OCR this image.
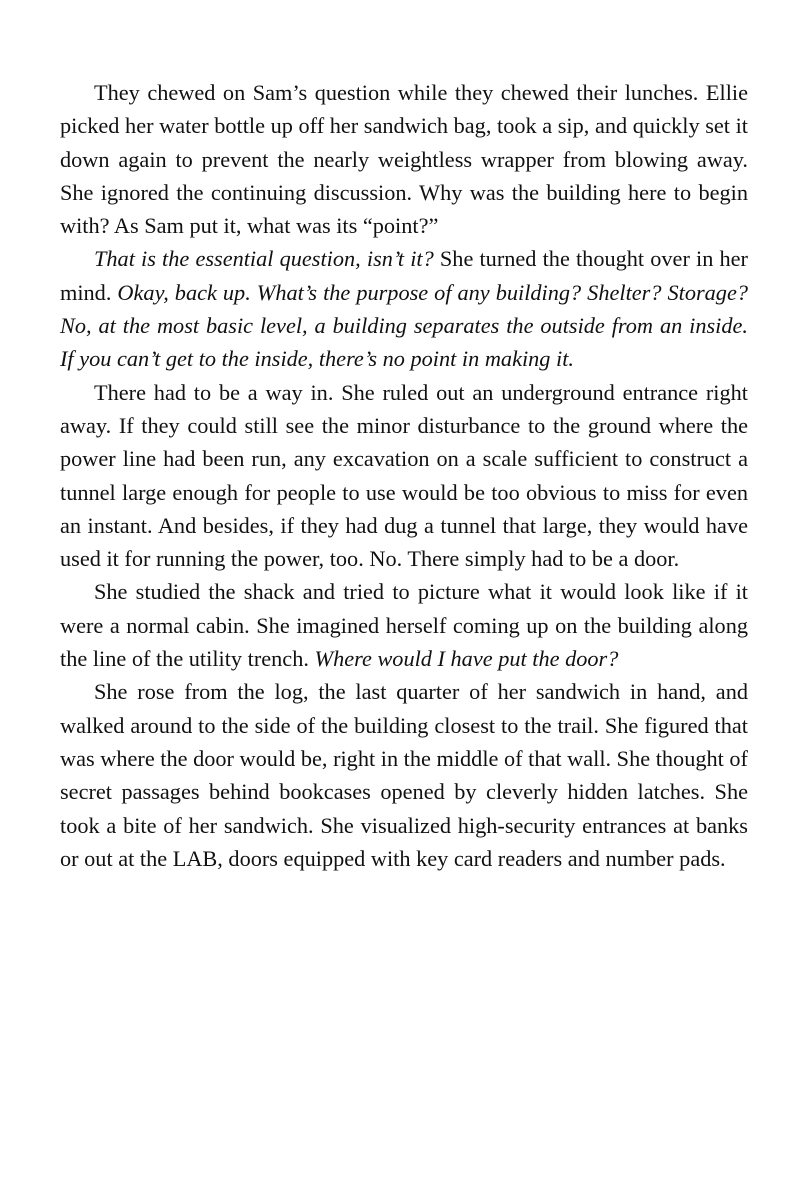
They chewed on Sam’s question while they chewed their lunches. Ellie picked her water bottle up off her sandwich bag, took a sip, and quickly set it down again to prevent the nearly weightless wrapper from blowing away. She ignored the continuing discussion. Why was the building here to begin with? As Sam put it, what was its “point?”

That is the essential question, isn’t it? She turned the thought over in her mind. Okay, back up. What’s the purpose of any building? Shelter? Storage? No, at the most basic level, a building separates the outside from an inside. If you can’t get to the inside, there’s no point in making it.

There had to be a way in. She ruled out an underground entrance right away. If they could still see the minor disturbance to the ground where the power line had been run, any excavation on a scale sufficient to construct a tunnel large enough for people to use would be too obvious to miss for even an instant. And besides, if they had dug a tunnel that large, they would have used it for running the power, too. No. There simply had to be a door.

She studied the shack and tried to picture what it would look like if it were a normal cabin. She imagined herself coming up on the building along the line of the utility trench. Where would I have put the door?

She rose from the log, the last quarter of her sandwich in hand, and walked around to the side of the building closest to the trail. She figured that was where the door would be, right in the middle of that wall. She thought of secret passages behind bookcases opened by cleverly hidden latches. She took a bite of her sandwich. She visualized high-security entrances at banks or out at the LAB, doors equipped with key card readers and number pads.
